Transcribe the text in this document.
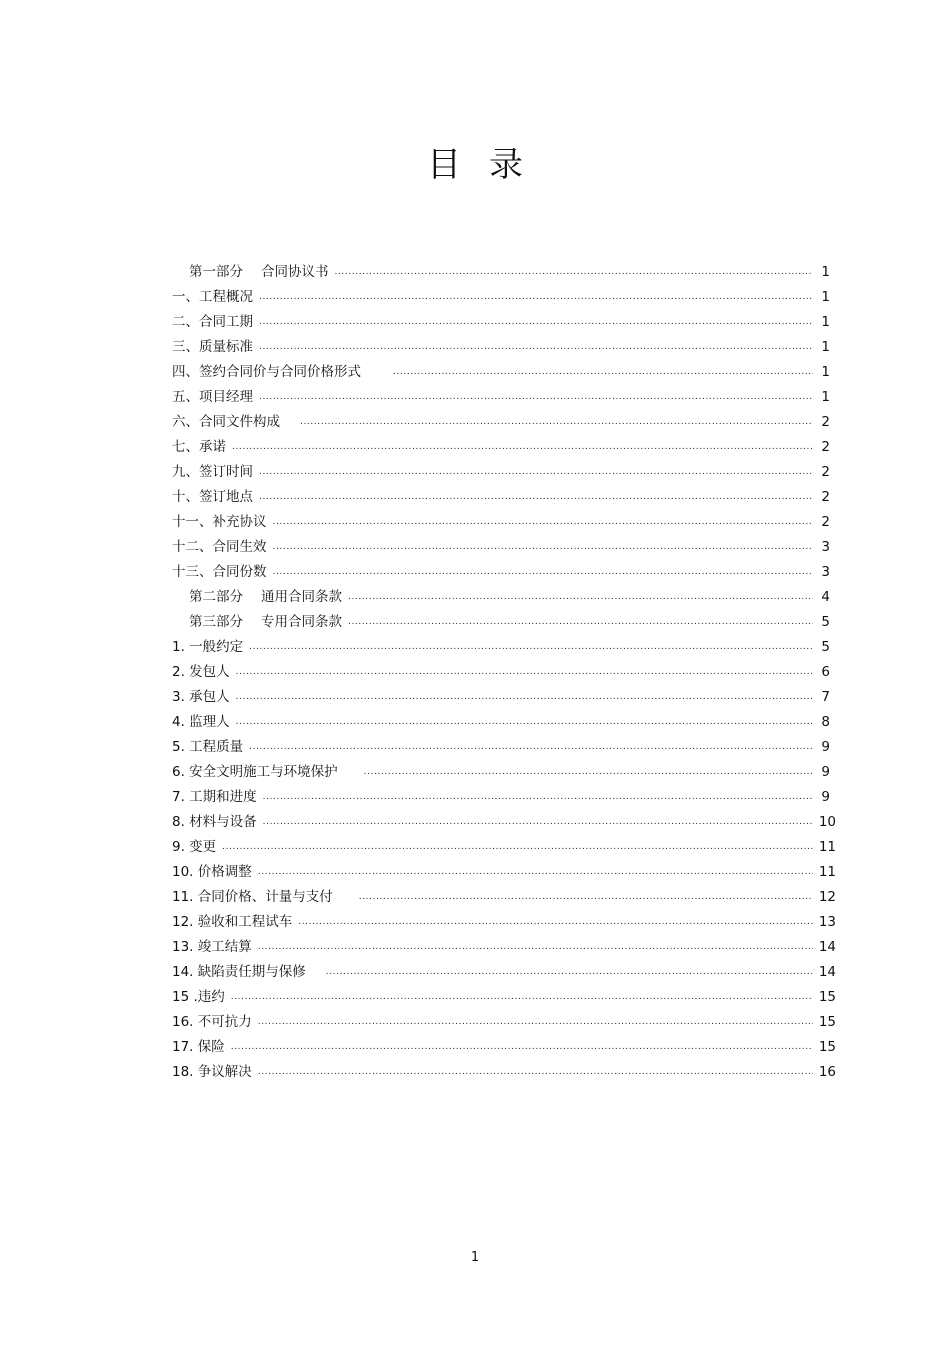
目 录
第一部分 合同协议书 .....	1
一、工程概况 .....	1
二、合同工期 .....	1
三、质量标准 .....	1
四、签约合同价与合同价格形式 .....	1
五、项目经理 .....	1
六、合同文件构成 .....	2
七、承诺 .....	2
九、签订时间 .....	2
十、签订地点 .....	2
十一、补充协议 .....	2
十二、合同生效 .....	3
十三、合同份数 .....	3
第二部分 通用合同条款 .....	4
第三部分 专用合同条款 .....	5
1. 一般约定 .....	5
2. 发包人 .....	6
3. 承包人 .....	7
4. 监理人 .....	8
5. 工程质量 .....	9
6. 安全文明施工与环境保护 .....	9
7. 工期和进度 .....	9
8. 材料与设备 .....	10
9. 变更 .....	11
10. 价格调整 .....	11
11. 合同价格、计量与支付 .....	12
12. 验收和工程试车 .....	13
13. 竣工结算 .....	14
14. 缺陷责任期与保修 .....	14
15 .违约 .....	15
16. 不可抗力 .....	15
17. 保险 .....	15
18. 争议解决 .....	16
1
